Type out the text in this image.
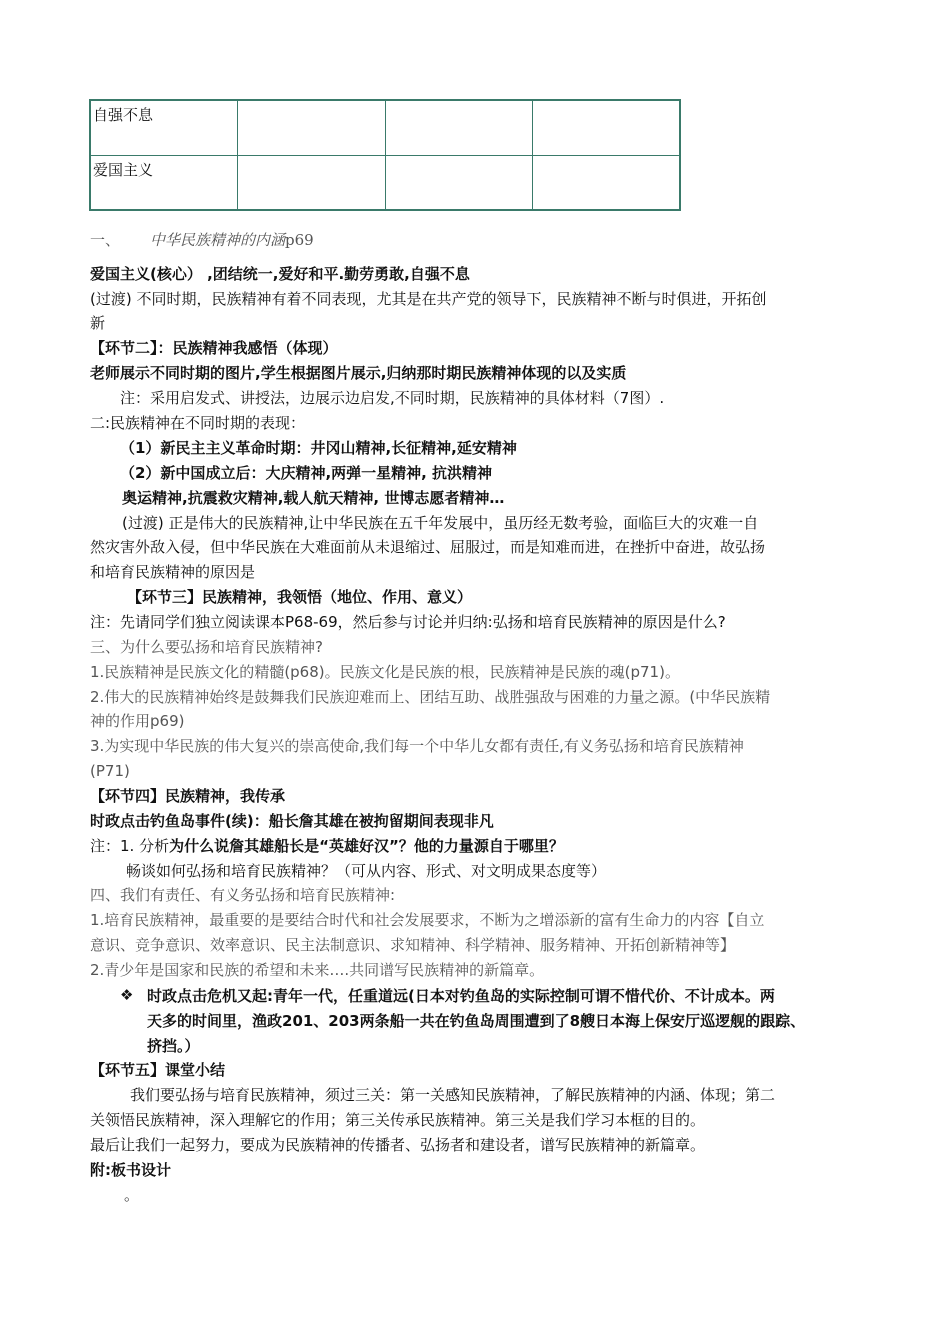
自强不息			
爱国主义			
一、 中华民族精神的内涵p69
爱国主义(核心） ,团结统一,爱好和平.勤劳勇敢,自强不息
(过渡) 不同时期，民族精神有着不同表现，尤其是在共产党的领导下，民族精神不断与时俱进，开拓创
新
【环节二】：民族精神我感悟（体现）
老师展示不同时期的图片,学生根据图片展示,归纳那时期民族精神体现的以及实质
注：采用启发式、讲授法，边展示边启发,不同时期，民族精神的具体材料（7图）.
二:民族精神在不同时期的表现：
（1）新民主主义革命时期：井冈山精神,长征精神,延安精神
（2）新中国成立后：大庆精神,两弹一星精神, 抗洪精神
奥运精神,抗震救灾精神,载人航天精神, 世博志愿者精神…
(过渡) 正是伟大的民族精神,让中华民族在五千年发展中，虽历经无数考验，面临巨大的灾难一自
然灾害外敌入侵，但中华民族在大难面前从未退缩过、屈服过，而是知难而进，在挫折中奋进，故弘扬
和培育民族精神的原因是
【环节三】民族精神，我领悟（地位、作用、意义）
注：先请同学们独立阅读课本P68-69，然后参与讨论并归纳:弘扬和培育民族精神的原因是什么?
三、为什么要弘扬和培育民族精神?
1.民族精神是民族文化的精髓(p68)。民族文化是民族的根，民族精神是民族的魂(p71)。
2.伟大的民族精神始终是鼓舞我们民族迎难而上、团结互助、战胜强敌与困难的力量之源。(中华民族精
神的作用p69)
3.为实现中华民族的伟大复兴的崇高使命,我们每一个中华儿女都有责任,有义务弘扬和培育民族精神
(P71)
【环节四】民族精神，我传承
时政点击钓鱼岛事件(续)：船长詹其雄在被拘留期间表现非凡
注：1. 分析为什么说詹其雄船长是“英雄好汉”？他的力量源自于哪里？
畅谈如何弘扬和培育民族精神？（可从内容、形式、对文明成果态度等）
四、我们有责任、有义务弘扬和培育民族精神:
1.培育民族精神，最重要的是要结合时代和社会发展要求，不断为之增添新的富有生命力的内容【自立
意识、竞争意识、效率意识、民主法制意识、求知精神、科学精神、服务精神、开拓创新精神等】
2.青少年是国家和民族的希望和未来….共同谱写民族精神的新篇章。
❖ 时政点击危机又起:青年一代，任重道远(日本对钓鱼岛的实际控制可谓不惜代价、不计成本。两
天多的时间里，渔政201、203两条船一共在钓鱼岛周围遭到了8艘日本海上保安厅巡逻舰的跟踪、
挤挡。）
【环节五】课堂小结
我们要弘扬与培育民族精神，须过三关：第一关感知民族精神，了解民族精神的内涵、体现；第二
关领悟民族精神，深入理解它的作用；第三关传承民族精神。第三关是我们学习本框的目的。
最后让我们一起努力，要成为民族精神的传播者、弘扬者和建设者，谱写民族精神的新篇章。
附:板书设计
。
